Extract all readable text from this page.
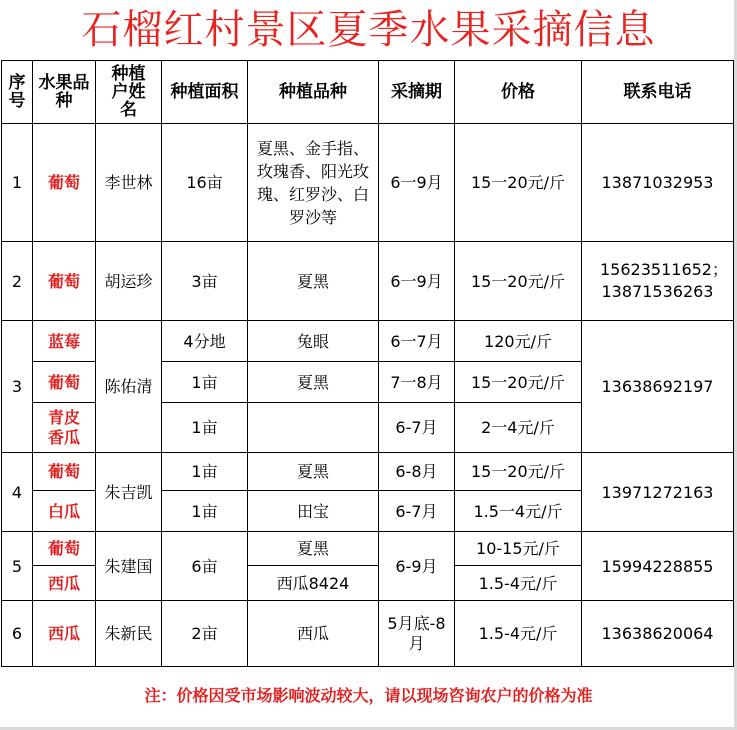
石榴红村景区夏季水果采摘信息
序号	水果品种	种植户姓名	种植面积	种植品种	采摘期	价格	联系电话
1	葡萄	李世林	16亩	夏黑、金手指、玫瑰香、阳光玫瑰、红罗沙、白罗沙等	6一9月	15一20元/斤	13871032953
2	葡萄	胡运珍	3亩	夏黑	6一9月	15一20元/斤	15623511652；13871536263
3	蓝莓	陈佑清	4分地	兔眼	6一7月	120元/斤	13638692197
	葡萄		1亩	夏黑	7一8月	15一20元/斤	
	青皮香瓜		1亩		6-7月	2一4元/斤	
4	葡萄	朱吉凯	1亩	夏黑	6-8月	15一20元/斤	13971272163
	白瓜		1亩	田宝	6-7月	1.5一4元/斤	
5	葡萄	朱建国	6亩	夏黑	6-9月	10-15元/斤	15994228855
	西瓜			西瓜8424		1.5-4元/斤	
6	西瓜	朱新民	2亩	西瓜	5月底-8月	1.5-4元/斤	13638620064
注：价格因受市场影响波动较大，请以现场咨询农户的价格为准
